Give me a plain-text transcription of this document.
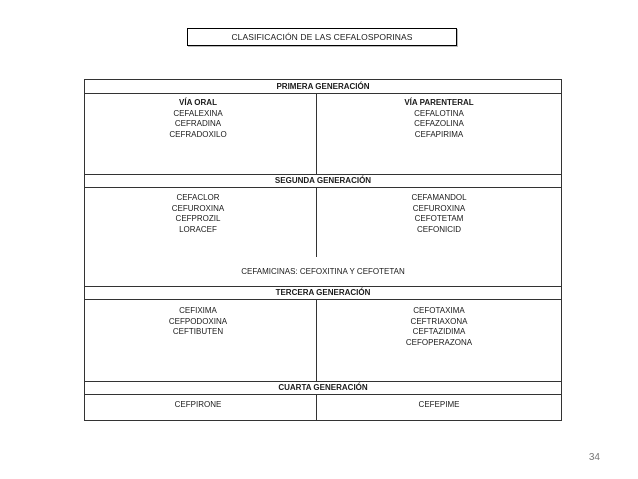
CLASIFICACIÓN DE LAS CEFALOSPORINAS
PRIMERA GENERACIÓN
VÍA ORAL
CEFALEXINA
CEFRADINA
CEFRADOXILO
VÍA PARENTERAL
CEFALOTINA
CEFAZOLINA
CEFAPIRIMA
SEGUNDA GENERACIÓN
CEFACLOR
CEFUROXINA
CEFPROZIL
LORACEF
CEFAMANDOL
CEFUROXINA
CEFOTETAM
CEFONICID
CEFAMICINAS: CEFOXITINA Y CEFOTETAN
TERCERA GENERACIÓN
CEFIXIMA
CEFPODOXINA
CEFTIBUTEN
CEFOTAXIMA
CEFTRIAXONA
CEFTAZIDIMA
CEFOPERAZONA
CUARTA GENERACIÓN
CEFPIRONE	CEFEPIME
34
